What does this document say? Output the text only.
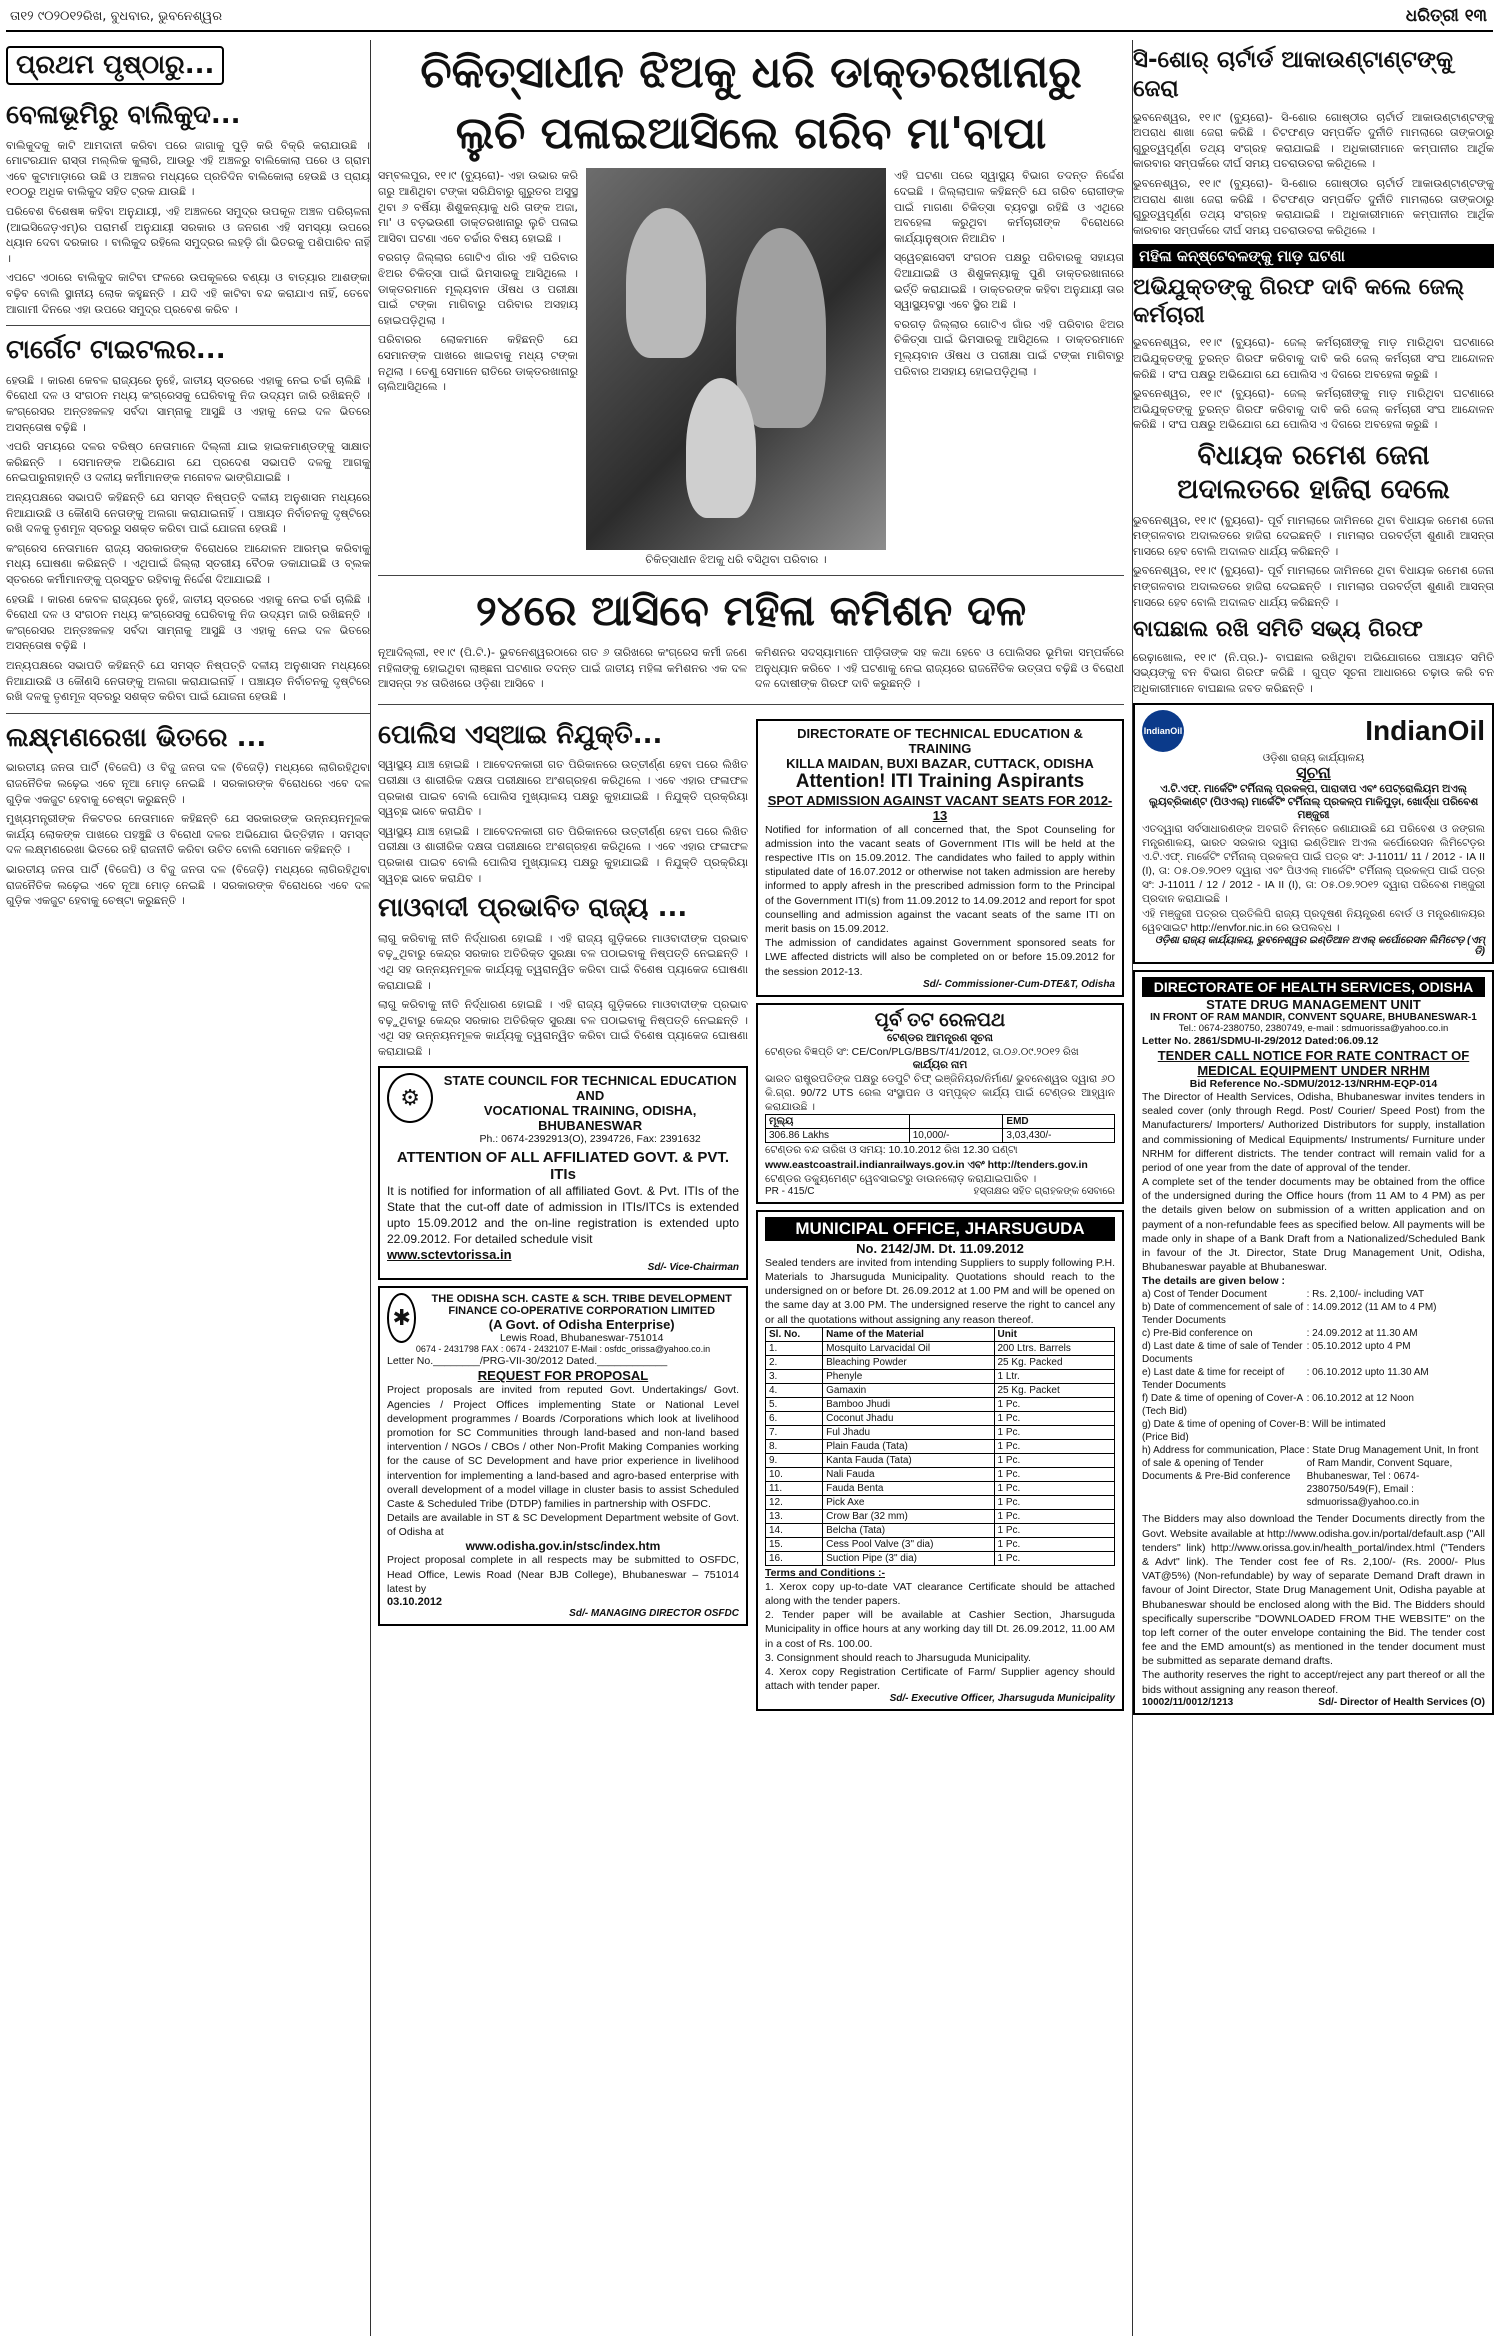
ତା୧୨ ୯୦୨୦୧୨ରିଖ, ବୁଧବାର, ଭୁବନେଶ୍ୱର	ଧରିତ୍ରୀ ୧୩
ପ୍ରଥମ ପୃଷ୍ଠାରୁ...
ବେଳାଭୂମିରୁ ବାଲିକୁଦ...

ବାଲିକୁଦକୁ କାଟି ଆମଦାନୀ କରିବା ପରେ ଜାଗାକୁ ପୁଡ଼ି କରି ବିକ୍ରି କରାଯାଉଛି । ମୋଟରଯାନ ରାସ୍ତା ମଲ୍ଲିକ କୁଲାରି, ଆଉରୁ ଏହି ଅଞ୍ଚଳରୁ ବାଲିକୋଲା ପରେ ଓ ଗ୍ରାମ ଏବେ କୁଟାମାଡ଼ାରେ ଉଛି ଓ ଅଞ୍ଚଳର ମଧ୍ୟରେ ପ୍ରତିଦିନ ବାଲିକୋଲା ହେଉଛି ଓ ପ୍ରାୟ ୧୦୦ରୁ ଅଧିକ ବାଲିକୁଦ ସହିତ ଟ୍ରକ ଯାଉଛି ।

ପରିବେଶ ବିଶେଷଜ୍ଞ କହିବା ଅନୁଯାୟୀ, ଏହି ଅଞ୍ଚଳରେ ସମୁଦ୍ର ଉପକୂଳ ଅଞ୍ଚଳ ପରିଚାଳନା (ଆଇସିଜେଡ଼ଏମ୍)ର ପରାମର୍ଶ ଅନୁଯାୟୀ ସରକାର ଓ ଜନଗଣ ଏହି ସମସ୍ୟା ଉପରେ ଧ୍ୟାନ ଦେବା ଦରକାର । ବାଲିକୁଦ ରହିଲେ ସମୁଦ୍ରର ଲହଡ଼ି ଗାଁ ଭିତରକୁ ପଶିପାରିବ ନାହିଁ ।

ଏପଟେ ଏଠାରେ ବାଲିକୁଦ କାଟିବା ଫଳରେ ଉପକୂଳରେ ବଣ୍ୟା ଓ ବାତ୍ୟାର ଆଶଙ୍କା ବଢ଼ିବ ବୋଲି ସ୍ଥାନୀୟ ଲୋକ କହୁଛନ୍ତି । ଯଦି ଏହି କାଟିବା ବନ୍ଦ କରାଯାଏ ନାହିଁ, ତେବେ ଆଗାମୀ ଦିନରେ ଏହା ଉପରେ ସମୁଦ୍ର ପ୍ରବେଶ କରିବ ।

ଟାର୍ଗେଟ ଟାଇଟଲର...

ହେଉଛି । କାରଣ କେବଳ ରାଜ୍ୟରେ ନୁହେଁ, ଜାତୀୟ ସ୍ତରରେ ଏହାକୁ ନେଇ ଚର୍ଚ୍ଚା ଚାଲିଛି । ବିରୋଧୀ ଦଳ ଓ ସଂଗଠନ ମଧ୍ୟ କଂଗ୍ରେସକୁ ଘେରିବାକୁ ନିଜ ଉଦ୍ୟମ ଜାରି ରଖିଛନ୍ତି । କଂଗ୍ରେସର ଅନ୍ତଃକଳହ ସର୍ବଦା ସାମ୍ନାକୁ ଆସୁଛି ଓ ଏହାକୁ ନେଇ ଦଳ ଭିତରେ ଅସନ୍ତୋଷ ବଢ଼ିଛି ।

ଏପରି ସମୟରେ ଦଳର ବରିଷ୍ଠ ନେତାମାନେ ଦିଲ୍ଲୀ ଯାଇ ହାଇକମାଣ୍ଡଙ୍କୁ ସାକ୍ଷାତ କରିଛନ୍ତି । ସେମାନଙ୍କ ଅଭିଯୋଗ ଯେ ପ୍ରଦେଶ ସଭାପତି ଦଳକୁ ଆଗକୁ ନେଇପାରୁନାହାନ୍ତି ଓ ଦଳୀୟ କର୍ମୀମାନଙ୍କ ମନୋବଳ ଭାଙ୍ଗିଯାଇଛି ।

ଅନ୍ୟପକ୍ଷରେ ସଭାପତି କହିଛନ୍ତି ଯେ ସମସ୍ତ ନିଷ୍ପତ୍ତି ଦଳୀୟ ଅନୁଶାସନ ମଧ୍ୟରେ ନିଆଯାଉଛି ଓ କୌଣସି ନେତାଙ୍କୁ ଅଲଗା କରାଯାଇନାହିଁ । ପଞ୍ଚାୟତ ନିର୍ବାଚନକୁ ଦୃଷ୍ଟିରେ ରଖି ଦଳକୁ ତୃଣମୂଳ ସ୍ତରରୁ ସଶକ୍ତ କରିବା ପାଇଁ ଯୋଜନା ହେଉଛି ।

କଂଗ୍ରେସ ନେତାମାନେ ରାଜ୍ୟ ସରକାରଙ୍କ ବିରୋଧରେ ଆନ୍ଦୋଳନ ଆରମ୍ଭ କରିବାକୁ ମଧ୍ୟ ଘୋଷଣା କରିଛନ୍ତି । ଏଥିପାଇଁ ଜିଲ୍ଲା ସ୍ତରୀୟ ବୈଠକ ଡକାଯାଇଛି ଓ ବ୍ଲକ ସ୍ତରରେ କର୍ମୀମାନଙ୍କୁ ପ୍ରସ୍ତୁତ ରହିବାକୁ ନିର୍ଦ୍ଦେଶ ଦିଆଯାଇଛି ।

ହେଉଛି । କାରଣ କେବଳ ରାଜ୍ୟରେ ନୁହେଁ, ଜାତୀୟ ସ୍ତରରେ ଏହାକୁ ନେଇ ଚର୍ଚ୍ଚା ଚାଲିଛି । ବିରୋଧୀ ଦଳ ଓ ସଂଗଠନ ମଧ୍ୟ କଂଗ୍ରେସକୁ ଘେରିବାକୁ ନିଜ ଉଦ୍ୟମ ଜାରି ରଖିଛନ୍ତି । କଂଗ୍ରେସର ଅନ୍ତଃକଳହ ସର୍ବଦା ସାମ୍ନାକୁ ଆସୁଛି ଓ ଏହାକୁ ନେଇ ଦଳ ଭିତରେ ଅସନ୍ତୋଷ ବଢ଼ିଛି ।

ଅନ୍ୟପକ୍ଷରେ ସଭାପତି କହିଛନ୍ତି ଯେ ସମସ୍ତ ନିଷ୍ପତ୍ତି ଦଳୀୟ ଅନୁଶାସନ ମଧ୍ୟରେ ନିଆଯାଉଛି ଓ କୌଣସି ନେତାଙ୍କୁ ଅଲଗା କରାଯାଇନାହିଁ । ପଞ୍ଚାୟତ ନିର୍ବାଚନକୁ ଦୃଷ୍ଟିରେ ରଖି ଦଳକୁ ତୃଣମୂଳ ସ୍ତରରୁ ସଶକ୍ତ କରିବା ପାଇଁ ଯୋଜନା ହେଉଛି ।

ଲକ୍ଷ୍ମଣରେଖା ଭିତରେ ...

ଭାରତୀୟ ଜନତା ପାର୍ଟି (ବିଜେପି) ଓ ବିଜୁ ଜନତା ଦଳ (ବିଜେଡ଼ି) ମଧ୍ୟରେ ଲାଗିରହିଥିବା ରାଜନୈତିକ ଲଢ଼େଇ ଏବେ ନୂଆ ମୋଡ଼ ନେଇଛି । ସରକାରଙ୍କ ବିରୋଧରେ ଏବେ ଦଳ ଗୁଡ଼ିକ ଏକଜୁଟ ହେବାକୁ ଚେଷ୍ଟା କରୁଛନ୍ତି ।

ମୁଖ୍ୟମନ୍ତ୍ରୀଙ୍କ ନିକଟତର ନେତାମାନେ କହିଛନ୍ତି ଯେ ସରକାରଙ୍କ ଉନ୍ନୟନମୂଳକ କାର୍ଯ୍ୟ ଲୋକଙ୍କ ପାଖରେ ପହଞ୍ଚୁଛି ଓ ବିରୋଧୀ ଦଳର ଅଭିଯୋଗ ଭିତ୍ତିହୀନ । ସମସ୍ତ ଦଳ ଲକ୍ଷ୍ମଣରେଖା ଭିତରେ ରହି ରାଜନୀତି କରିବା ଉଚିତ ବୋଲି ସେମାନେ କହିଛନ୍ତି ।

ଭାରତୀୟ ଜନତା ପାର୍ଟି (ବିଜେପି) ଓ ବିଜୁ ଜନତା ଦଳ (ବିଜେଡ଼ି) ମଧ୍ୟରେ ଲାଗିରହିଥିବା ରାଜନୈତିକ ଲଢ଼େଇ ଏବେ ନୂଆ ମୋଡ଼ ନେଇଛି । ସରକାରଙ୍କ ବିରୋଧରେ ଏବେ ଦଳ ଗୁଡ଼ିକ ଏକଜୁଟ ହେବାକୁ ଚେଷ୍ଟା କରୁଛନ୍ତି ।

ଚିକିତ୍ସାଧୀନ ଝିଅକୁ ଧରି ଡାକ୍ତରଖାନାରୁ
ଲୁଚି ପଳାଇଆସିଲେ ଗରିବ ମା'ବାପା

ସମ୍ବଲପୁର, ୧୧।୯ (ବ୍ୟୁରୋ)- ଏହା ଉଭାର କରି ଗରୁ ଆଣିଥିବା ଟଙ୍କା ସରିଯିବାରୁ ଗୁରୁତର ଅସୁସ୍ଥ ଥିବା ୬ ବର୍ଷିୟା ଶିଶୁକନ୍ୟାକୁ ଧରି ତାଙ୍କ ଅଜା, ମା' ଓ ବଡ଼ଭଉଣୀ ଡାକ୍ତରଖାନାରୁ ଲୁଚି ପଳାଇ ଆସିବା ଘଟଣା ଏବେ ଚର୍ଚ୍ଚାର ବିଷୟ ହୋଇଛି ।

ବରଗଡ଼ ଜିଲ୍ଲାର ଗୋଟିଏ ଗାଁର ଏହି ପରିବାର ଝିଅର ଚିକିତ୍ସା ପାଇଁ ଭିମସାରକୁ ଆସିଥିଲେ । ଡାକ୍ତରମାନେ ମୂଲ୍ୟବାନ ଔଷଧ ଓ ପରୀକ୍ଷା ପାଇଁ ଟଙ୍କା ମାଗିବାରୁ ପରିବାର ଅସହାୟ ହୋଇପଡ଼ିଥିଲା ।

ପରିବାରର ଲୋକମାନେ କହିଛନ୍ତି ଯେ ସେମାନଙ୍କ ପାଖରେ ଖାଇବାକୁ ମଧ୍ୟ ଟଙ୍କା ନଥିଲା । ତେଣୁ ସେମାନେ ରାତିରେ ଡାକ୍ତରଖାନାରୁ ଚାଲିଆସିଥିଲେ ।

ଚିକିତ୍ସାଧୀନ ଝିଅକୁ ଧରି ବସିଥିବା ପରିବାର ।

ଏହି ଘଟଣା ପରେ ସ୍ୱାସ୍ଥ୍ୟ ବିଭାଗ ତଦନ୍ତ ନିର୍ଦ୍ଦେଶ ଦେଇଛି । ଜିଲ୍ଲାପାଳ କହିଛନ୍ତି ଯେ ଗରିବ ରୋଗୀଙ୍କ ପାଇଁ ମାଗଣା ଚିକିତ୍ସା ବ୍ୟବସ୍ଥା ରହିଛି ଓ ଏଥିରେ ଅବହେଳା କରୁଥିବା କର୍ମଚାରୀଙ୍କ ବିରୋଧରେ କାର୍ଯ୍ୟାନୁଷ୍ଠାନ ନିଆଯିବ ।

ସ୍ୱେଚ୍ଛାସେବୀ ସଂଗଠନ ପକ୍ଷରୁ ପରିବାରକୁ ସହାୟତା ଦିଆଯାଇଛି ଓ ଶିଶୁକନ୍ୟାକୁ ପୁଣି ଡାକ୍ତରଖାନାରେ ଭର୍ତ୍ତି କରାଯାଇଛି । ଡାକ୍ତରଙ୍କ କହିବା ଅନୁଯାୟୀ ତାର ସ୍ୱାସ୍ଥ୍ୟବସ୍ଥା ଏବେ ସ୍ଥିର ଅଛି ।

ବରଗଡ଼ ଜିଲ୍ଲାର ଗୋଟିଏ ଗାଁର ଏହି ପରିବାର ଝିଅର ଚିକିତ୍ସା ପାଇଁ ଭିମସାରକୁ ଆସିଥିଲେ । ଡାକ୍ତରମାନେ ମୂଲ୍ୟବାନ ଔଷଧ ଓ ପରୀକ୍ଷା ପାଇଁ ଟଙ୍କା ମାଗିବାରୁ ପରିବାର ଅସହାୟ ହୋଇପଡ଼ିଥିଲା ।

୨୪ରେ ଆସିବେ ମହିଳା କମିଶନ ଦଳ

ନୂଆଦିଲ୍ଲୀ, ୧୧।୯ (ପି.ଟି.)- ଭୁବନେଶ୍ୱରଠାରେ ଗତ ୬ ତାରିଖରେ କଂଗ୍ରେସ କର୍ମୀ ଜଣେ ମହିଳାଙ୍କୁ ହୋଇଥିବା ଲାଞ୍ଛନା ଘଟଣାର ତଦନ୍ତ ପାଇଁ ଜାତୀୟ ମହିଳା କମିଶନର ଏକ ଦଳ ଆସନ୍ତା ୨୪ ତାରିଖରେ ଓଡ଼ିଶା ଆସିବେ ।

କମିଶନର ସଦସ୍ୟାମାନେ ପୀଡ଼ିତାଙ୍କ ସହ କଥା ହେବେ ଓ ପୋଲିସର ଭୂମିକା ସମ୍ପର୍କରେ ଅନୁଧ୍ୟାନ କରିବେ । ଏହି ଘଟଣାକୁ ନେଇ ରାଜ୍ୟରେ ରାଜନୈତିକ ଉତ୍ତାପ ବଢ଼ିଛି ଓ ବିରୋଧୀ ଦଳ ଦୋଷୀଙ୍କ ଗିରଫ ଦାବି କରୁଛନ୍ତି ।

ପୋଲିସ ଏସ୍ଆଇ ନିଯୁକ୍ତି...

ସ୍ୱାସ୍ଥ୍ୟ ଯାଞ୍ଚ ହୋଇଛି । ଆବେଦନକାରୀ ଗତ ପିରିକାନରେ ଉତ୍ତୀର୍ଣ୍ଣ ହେବା ପରେ ଲିଖିତ ପରୀକ୍ଷା ଓ ଶାରୀରିକ ଦକ୍ଷତା ପରୀକ୍ଷାରେ ଅଂଶଗ୍ରହଣ କରିଥିଲେ । ଏବେ ଏହାର ଫଳାଫଳ ପ୍ରକାଶ ପାଇବ ବୋଲି ପୋଲିସ ମୁଖ୍ୟାଳୟ ପକ୍ଷରୁ କୁହାଯାଇଛି । ନିଯୁକ୍ତି ପ୍ରକ୍ରିୟା ସ୍ୱଚ୍ଛ ଭାବେ କରାଯିବ ।

ସ୍ୱାସ୍ଥ୍ୟ ଯାଞ୍ଚ ହୋଇଛି । ଆବେଦନକାରୀ ଗତ ପିରିକାନରେ ଉତ୍ତୀର୍ଣ୍ଣ ହେବା ପରେ ଲିଖିତ ପରୀକ୍ଷା ଓ ଶାରୀରିକ ଦକ୍ଷତା ପରୀକ୍ଷାରେ ଅଂଶଗ୍ରହଣ କରିଥିଲେ । ଏବେ ଏହାର ଫଳାଫଳ ପ୍ରକାଶ ପାଇବ ବୋଲି ପୋଲିସ ମୁଖ୍ୟାଳୟ ପକ୍ଷରୁ କୁହାଯାଇଛି । ନିଯୁକ୍ତି ପ୍ରକ୍ରିୟା ସ୍ୱଚ୍ଛ ଭାବେ କରାଯିବ ।

ମାଓବାଦୀ ପ୍ରଭାବିତ ରାଜ୍ୟ ...

ଲାଗୁ କରିବାକୁ ନୀତି ନିର୍ଦ୍ଧାରଣ ହୋଇଛି । ଏହି ରାଜ୍ୟ ଗୁଡ଼ିକରେ ମାଓବାଦୀଙ୍କ ପ୍ରଭାବ ବଢ଼ୁଥିବାରୁ କେନ୍ଦ୍ର ସରକାର ଅତିରିକ୍ତ ସୁରକ୍ଷା ବଳ ପଠାଇବାକୁ ନିଷ୍ପତ୍ତି ନେଇଛନ୍ତି । ଏଥି ସହ ଉନ୍ନୟନମୂଳକ କାର୍ଯ୍ୟକୁ ତ୍ୱରାନ୍ୱିତ କରିବା ପାଇଁ ବିଶେଷ ପ୍ୟାକେଜ ଘୋଷଣା କରାଯାଇଛି ।

ଲାଗୁ କରିବାକୁ ନୀତି ନିର୍ଦ୍ଧାରଣ ହୋଇଛି । ଏହି ରାଜ୍ୟ ଗୁଡ଼ିକରେ ମାଓବାଦୀଙ୍କ ପ୍ରଭାବ ବଢ଼ୁଥିବାରୁ କେନ୍ଦ୍ର ସରକାର ଅତିରିକ୍ତ ସୁରକ୍ଷା ବଳ ପଠାଇବାକୁ ନିଷ୍ପତ୍ତି ନେଇଛନ୍ତି । ଏଥି ସହ ଉନ୍ନୟନମୂଳକ କାର୍ଯ୍ୟକୁ ତ୍ୱରାନ୍ୱିତ କରିବା ପାଇଁ ବିଶେଷ ପ୍ୟାକେଜ ଘୋଷଣା କରାଯାଇଛି ।

⚙
STATE COUNCIL FOR TECHNICAL EDUCATION AND
VOCATIONAL TRAINING, ODISHA, BHUBANESWAR
Ph.: 0674-2392913(O), 2394726, Fax: 2391632
ATTENTION OF ALL AFFILIATED GOVT. & PVT. ITIs
It is notified for information of all affiliated Govt. & Pvt. ITIs of the State that the cut-off date of admission in ITIs/ITCs is extended upto 15.09.2012 and the on-line registration is extended upto 22.09.2012. For detailed schedule visit
www.sctevtorissa.in
Sd/- Vice-Chairman
✱
THE ODISHA SCH. CASTE & SCH. TRIBE DEVELOPMENT FINANCE CO-OPERATIVE CORPORATION LIMITED
(A Govt. of Odisha Enterprise)
Lewis Road, Bhubaneswar-751014
0674 - 2431798 FAX : 0674 - 2432107 E-Mail : osfdc_orissa@yahoo.co.in
Letter No.________/PRG-VII-30/2012 Dated.____________
REQUEST FOR PROPOSAL
Project proposals are invited from reputed Govt. Undertakings/ Govt. Agencies / Project Offices implementing State or National Level development programmes / Boards /Corporations which look at livelihood promotion for SC Communities through land-based and non-land based intervention / NGOs / CBOs / other Non-Profit Making Companies working for the cause of SC Development and have prior experience in livelihood intervention for implementing a land-based and agro-based enterprise with overall development of a model village in cluster basis to assist Scheduled Caste & Scheduled Tribe (DTDP) families in partnership with OSFDC.
Details are available in ST & SC Development Department website of Govt. of Odisha at
www.odisha.gov.in/stsc/index.htm
Project proposal complete in all respects may be submitted to OSFDC, Head Office, Lewis Road (Near BJB College), Bhubaneswar – 751014 latest by
03.10.2012
Sd/- MANAGING DIRECTOR OSFDC
DIRECTORATE OF TECHNICAL EDUCATION & TRAINING
KILLA MAIDAN, BUXI BAZAR, CUTTACK, ODISHA
Attention! ITI Training Aspirants
SPOT ADMISSION AGAINST VACANT SEATS FOR 2012-13
Notified for information of all concerned that, the Spot Counseling for admission into the vacant seats of Government ITIs will be held at the respective ITIs on 15.09.2012. The candidates who failed to apply within stipulated date of 16.07.2012 or otherwise not taken admission are hereby informed to apply afresh in the prescribed admission form to the Principal of the Government ITI(s) from 11.09.2012 to 14.09.2012 and report for spot counselling and admission against the vacant seats of the same ITI on merit basis on 15.09.2012.
The admission of candidates against Government sponsored seats for LWE affected districts will also be completed on or before 15.09.2012 for the session 2012-13.
Sd/- Commissioner-Cum-DTE&T, Odisha
ପୂର୍ବ ତଟ ରେଳପଥ
ଟେଣ୍ଡର ଆମନ୍ତ୍ରଣ ସୂଚନା
ଟେଣ୍ଡର ବିଜ୍ଞପ୍ତି ସଂ: CE/Con/PLG/BBS/T/41/2012, ତା.୦୬.୦୯.୨୦୧୨ ରିଖ
କାର୍ଯ୍ୟର ନାମ
ଭାରତ ରାଷ୍ଟ୍ରପତିଙ୍କ ପକ୍ଷରୁ ଡେପୁଟି ଚିଫ୍ ଇଞ୍ଜିନିୟର/ନିର୍ମାଣ/ ଭୁବନେଶ୍ୱର ଦ୍ୱାରା ୬୦ କି.ଗ୍ରା. 90/72 UTS ରେଲ ସଂସ୍ଥାପନ ଓ ସମ୍ପୃକ୍ତ କାର୍ଯ୍ୟ ପାଇଁ ଟେଣ୍ଡର ଆହ୍ୱାନ କରାଯାଉଛି ।
ମୂଲ୍ୟ		EMD
306.86 Lakhs	10,000/-	3,03,430/-
ଟେଣ୍ଡର ବନ୍ଦ ତାରିଖ ଓ ସମୟ: 10.10.2012 ରିଖ 12.30 ଘଣ୍ଟା
www.eastcoastrail.indianrailways.gov.in ଏବଂ http://tenders.gov.in
ଟେଣ୍ଡର ଡକ୍ୟୁମେଣ୍ଟ ୱେବସାଇଟରୁ ଡାଉନଲୋଡ଼ କରାଯାଇପାରିବ ।
PR - 415/C	ହସ୍ତାକ୍ଷର ସହିତ ଗ୍ରାହକଙ୍କ ସେବାରେ
MUNICIPAL OFFICE, JHARSUGUDA
No. 2142/JM. Dt. 11.09.2012
Sealed tenders are invited from intending Suppliers to supply following P.H. Materials to Jharsuguda Municipality. Quotations should reach to the undersigned on or before Dt. 26.09.2012 at 1.00 PM and will be opened on the same day at 3.00 PM. The undersigned reserve the right to cancel any or all the quotations without assigning any reason thereof.
Sl. No.	Name of the Material	Unit
1.	Mosquito Larvacidal Oil	200 Ltrs. Barrels
2.	Bleaching Powder	25 Kg. Packed
3.	Phenyle	1 Ltr.
4.	Gamaxin	25 Kg. Packet
5.	Bamboo Jhudi	1 Pc.
6.	Coconut Jhadu	1 Pc.
7.	Ful Jhadu	1 Pc.
8.	Plain Fauda (Tata)	1 Pc.
9.	Kanta Fauda (Tata)	1 Pc.
10.	Nali Fauda	1 Pc.
11.	Fauda Benta	1 Pc.
12.	Pick Axe	1 Pc.
13.	Crow Bar (32 mm)	1 Pc.
14.	Belcha (Tata)	1 Pc.
15.	Cess Pool Valve (3" dia)	1 Pc.
16.	Suction Pipe (3" dia)	1 Pc.
Terms and Conditions :-
1. Xerox copy up-to-date VAT clearance Certificate should be attached along with the tender papers.
2. Tender paper will be available at Cashier Section, Jharsuguda Municipality in office hours at any working day till Dt. 26.09.2012, 11.00 AM in a cost of Rs. 100.00.
3. Consignment should reach to Jharsuguda Municipality.
4. Xerox copy Registration Certificate of Farm/ Supplier agency should attach with tender paper.
Sd/- Executive Officer, Jharsuguda Municipality
ସି-ଶୋର୍ ଚାର୍ଟାର୍ଡ ଆକାଉଣ୍ଟାଣ୍ଟଙ୍କୁ ଜେରା

ଭୁବନେଶ୍ୱର, ୧୧।୯ (ବ୍ୟୁରୋ)- ସି-ଶୋର ଗୋଷ୍ଠୀର ଚାର୍ଟାର୍ଡ ଆକାଉଣ୍ଟାଣ୍ଟଙ୍କୁ ଅପରାଧ ଶାଖା ଜେରା କରିଛି । ଚିଟଫଣ୍ଡ ସମ୍ପର୍କିତ ଦୁର୍ନୀତି ମାମଲାରେ ତାଙ୍କଠାରୁ ଗୁରୁତ୍ୱପୂର୍ଣ୍ଣ ତଥ୍ୟ ସଂଗ୍ରହ କରାଯାଇଛି । ଅଧିକାରୀମାନେ କମ୍ପାନୀର ଆର୍ଥିକ କାରବାର ସମ୍ପର୍କରେ ଦୀର୍ଘ ସମୟ ପଚରାଉଚରା କରିଥିଲେ ।

ଭୁବନେଶ୍ୱର, ୧୧।୯ (ବ୍ୟୁରୋ)- ସି-ଶୋର ଗୋଷ୍ଠୀର ଚାର୍ଟାର୍ଡ ଆକାଉଣ୍ଟାଣ୍ଟଙ୍କୁ ଅପରାଧ ଶାଖା ଜେରା କରିଛି । ଚିଟଫଣ୍ଡ ସମ୍ପର୍କିତ ଦୁର୍ନୀତି ମାମଲାରେ ତାଙ୍କଠାରୁ ଗୁରୁତ୍ୱପୂର୍ଣ୍ଣ ତଥ୍ୟ ସଂଗ୍ରହ କରାଯାଇଛି । ଅଧିକାରୀମାନେ କମ୍ପାନୀର ଆର୍ଥିକ କାରବାର ସମ୍ପର୍କରେ ଦୀର୍ଘ ସମୟ ପଚରାଉଚରା କରିଥିଲେ ।

ମହିଳା କନ୍ଷ୍ଟେବଳଙ୍କୁ ମାଡ଼ ଘଟଣା
ଅଭିଯୁକ୍ତଙ୍କୁ ଗିରଫ ଦାବି କଲେ ଜେଲ୍ କର୍ମଚାରୀ

ଭୁବନେଶ୍ୱର, ୧୧।୯ (ବ୍ୟୁରୋ)- ଜେଲ୍ କର୍ମଚାରୀଙ୍କୁ ମାଡ଼ ମାରିଥିବା ଘଟଣାରେ ଅଭିଯୁକ୍ତଙ୍କୁ ତୁରନ୍ତ ଗିରଫ କରିବାକୁ ଦାବି କରି ଜେଲ୍ କର୍ମଚାରୀ ସଂଘ ଆନ୍ଦୋଳନ କରିଛି । ସଂଘ ପକ୍ଷରୁ ଅଭିଯୋଗ ଯେ ପୋଲିସ ଏ ଦିଗରେ ଅବହେଳା କରୁଛି ।

ଭୁବନେଶ୍ୱର, ୧୧।୯ (ବ୍ୟୁରୋ)- ଜେଲ୍ କର୍ମଚାରୀଙ୍କୁ ମାଡ଼ ମାରିଥିବା ଘଟଣାରେ ଅଭିଯୁକ୍ତଙ୍କୁ ତୁରନ୍ତ ଗିରଫ କରିବାକୁ ଦାବି କରି ଜେଲ୍ କର୍ମଚାରୀ ସଂଘ ଆନ୍ଦୋଳନ କରିଛି । ସଂଘ ପକ୍ଷରୁ ଅଭିଯୋଗ ଯେ ପୋଲିସ ଏ ଦିଗରେ ଅବହେଳା କରୁଛି ।

ବିଧାୟକ ରମେଶ ଜେନା ଅଦାଲତରେ ହାଜିରା ଦେଲେ

ଭୁବନେଶ୍ୱର, ୧୧।୯ (ବ୍ୟୁରୋ)- ପୂର୍ବ ମାମଲାରେ ଜାମିନରେ ଥିବା ବିଧାୟକ ରମେଶ ଜେନା ମଙ୍ଗଳବାର ଅଦାଲତରେ ହାଜିରା ଦେଇଛନ୍ତି । ମାମଲାର ପରବର୍ତ୍ତୀ ଶୁଣାଣି ଆସନ୍ତା ମାସରେ ହେବ ବୋଲି ଅଦାଲତ ଧାର୍ଯ୍ୟ କରିଛନ୍ତି ।

ଭୁବନେଶ୍ୱର, ୧୧।୯ (ବ୍ୟୁରୋ)- ପୂର୍ବ ମାମଲାରେ ଜାମିନରେ ଥିବା ବିଧାୟକ ରମେଶ ଜେନା ମଙ୍ଗଳବାର ଅଦାଲତରେ ହାଜିରା ଦେଇଛନ୍ତି । ମାମଲାର ପରବର୍ତ୍ତୀ ଶୁଣାଣି ଆସନ୍ତା ମାସରେ ହେବ ବୋଲି ଅଦାଲତ ଧାର୍ଯ୍ୟ କରିଛନ୍ତି ।

ବାଘଛାଲ ରଖି ସମିତି ସଭ୍ୟ ଗିରଫ

ରେଢ଼ାଖୋଲ, ୧୧।୯ (ନି.ପ୍ର.)- ବାଘଛାଲ ରଖିଥିବା ଅଭିଯୋଗରେ ପଞ୍ଚାୟତ ସମିତି ସଭ୍ୟଙ୍କୁ ବନ ବିଭାଗ ଗିରଫ କରିଛି । ଗୁପ୍ତ ସୂଚନା ଆଧାରରେ ଚଢ଼ାଉ କରି ବନ ଅଧିକାରୀମାନେ ବାଘଛାଲ ଜବତ କରିଛନ୍ତି ।

IndianOil	IndianOil
ଓଡ଼ିଶା ରାଜ୍ୟ କାର୍ଯ୍ୟାଳୟ
ସୂଚନା
ଏ.ଟି.ଏଫ୍. ମାର୍କେଟିଂ ଟର୍ମିନାଲ୍ ପ୍ରକଳ୍ପ, ପାରାଦୀପ ଏବଂ ପେଟ୍ରୋଲିୟମ ଅଏଲ୍ ଲ୍ୟୁବ୍ରିକାଣ୍ଟ (ପିଓଏଲ୍) ମାର୍କେଟିଂ ଟର୍ମିନାଲ୍ ପ୍ରକଳ୍ପ ମାଳିପୁଡ଼ା, ଖୋର୍ଦ୍ଧା ପରିବେଶ ମଞ୍ଜୁରୀ
ଏତଦ୍ୱାରା ସର୍ବସାଧାରଣଙ୍କ ଅବଗତି ନିମନ୍ତେ ଜଣାଯାଉଛି ଯେ ପରିବେଶ ଓ ଜଙ୍ଗଲ ମନ୍ତ୍ରଣାଳୟ, ଭାରତ ସରକାର ଦ୍ୱାରା ଇଣ୍ଡିଆନ ଅଏଲ କର୍ପୋରେସନ ଲିମିଟେଡ଼ର ଏ.ଟି.ଏଫ୍. ମାର୍କେଟିଂ ଟର୍ମିନାଲ୍ ପ୍ରକଳ୍ପ ପାଇଁ ପତ୍ର ସଂ: J-11011/ 11 / 2012 - IA II (I), ତା: ୦୫.୦୭.୨୦୧୨ ଦ୍ୱାରା ଏବଂ ପିଓଏଲ୍ ମାର୍କେଟିଂ ଟର୍ମିନାଲ୍ ପ୍ରକଳ୍ପ ପାଇଁ ପତ୍ର ସଂ: J-11011 / 12 / 2012 - IA II (I), ତା: ୦୫.୦୭.୨୦୧୨ ଦ୍ୱାରା ପରିବେଶ ମଞ୍ଜୁରୀ ପ୍ରଦାନ କରାଯାଇଛି ।
ଏହି ମଞ୍ଜୁରୀ ପତ୍ରର ପ୍ରତିଲିପି ରାଜ୍ୟ ପ୍ରଦୂଷଣ ନିୟନ୍ତ୍ରଣ ବୋର୍ଡ ଓ ମନ୍ତ୍ରଣାଳୟର ୱେବସାଇଟ http://envfor.nic.in ରେ ଉପଲବ୍ଧ ।
ଓଡ଼ିଶା ରାଜ୍ୟ କାର୍ଯ୍ୟାଳୟ, ଭୁବନେଶ୍ୱର ଇଣ୍ଡିଆନ ଅଏଲ୍ କର୍ପୋରେସନ ଲିମିଟେଡ଼ (ଏମ୍ ଡି)
DIRECTORATE OF HEALTH SERVICES, ODISHA
STATE DRUG MANAGEMENT UNIT
IN FRONT OF RAM MANDIR, CONVENT SQUARE, BHUBANESWAR-1
Tel.: 0674-2380750, 2380749, e-mail : sdmuorissa@yahoo.co.in
Letter No. 2861/SDMU-II-29/2012 Dated:06.09.12
TENDER CALL NOTICE FOR RATE CONTRACT OF MEDICAL EQUIPMENT UNDER NRHM
Bid Reference No.-SDMU/2012-13/NRHM-EQP-014
The Director of Health Services, Odisha, Bhubaneswar invites tenders in sealed cover (only through Regd. Post/ Courier/ Speed Post) from the Manufacturers/ Importers/ Authorized Distributors for supply, installation and commissioning of Medical Equipments/ Instruments/ Furniture under NRHM for different districts. The tender contract will remain valid for a period of one year from the date of approval of the tender.
A complete set of the tender documents may be obtained from the office of the undersigned during the Office hours (from 11 AM to 4 PM) as per the details given below on submission of a written application and on payment of a non-refundable fees as specified below. All payments will be made only in shape of a Bank Draft from a Nationalized/Scheduled Bank in favour of the Jt. Director, State Drug Management Unit, Odisha, Bhubaneswar payable at Bhubaneswar.
The details are given below :
a) Cost of Tender Document	: Rs. 2,100/- including VAT
b) Date of commencement of sale of Tender Documents
: 14.09.2012 (11 AM to 4 PM)
c) Pre-Bid conference on	: 24.09.2012 at 11.30 AM
d) Last date & time of sale of Tender Documents
: 05.10.2012 upto 4 PM
e) Last date & time for receipt of Tender Documents
: 06.10.2012 upto 11.30 AM
f) Date & time of opening of Cover-A (Tech Bid)
: 06.10.2012 at 12 Noon
g) Date & time of opening of Cover-B (Price Bid)
: Will be intimated
h) Address for communication, Place of sale & opening of Tender Documents & Pre-Bid conference
: State Drug Management Unit, In front of Ram Mandir, Convent Square, Bhubaneswar, Tel : 0674-2380750/549(F), Email : sdmuorissa@yahoo.co.in
The Bidders may also download the Tender Documents directly from the Govt. Website available at http://www.odisha.gov.in/portal/default.asp ("All tenders" link) http://www.orissa.gov.in/health_portal/index.html ("Tenders & Advt" link). The Tender cost fee of Rs. 2,100/- (Rs. 2000/- Plus VAT@5%) (Non-refundable) by way of separate Demand Draft drawn in favour of Joint Director, State Drug Management Unit, Odisha payable at Bhubaneswar should be enclosed along with the Bid. The Bidders should specifically superscribe "DOWNLOADED FROM THE WEBSITE" on the top left corner of the outer envelope containing the Bid. The tender cost fee and the EMD amount(s) as mentioned in the tender document must be submitted as separate demand drafts.
The authority reserves the right to accept/reject any part thereof or all the bids without assigning any reason thereof.
10002/11/0012/1213	Sd/- Director of Health Services (O)
